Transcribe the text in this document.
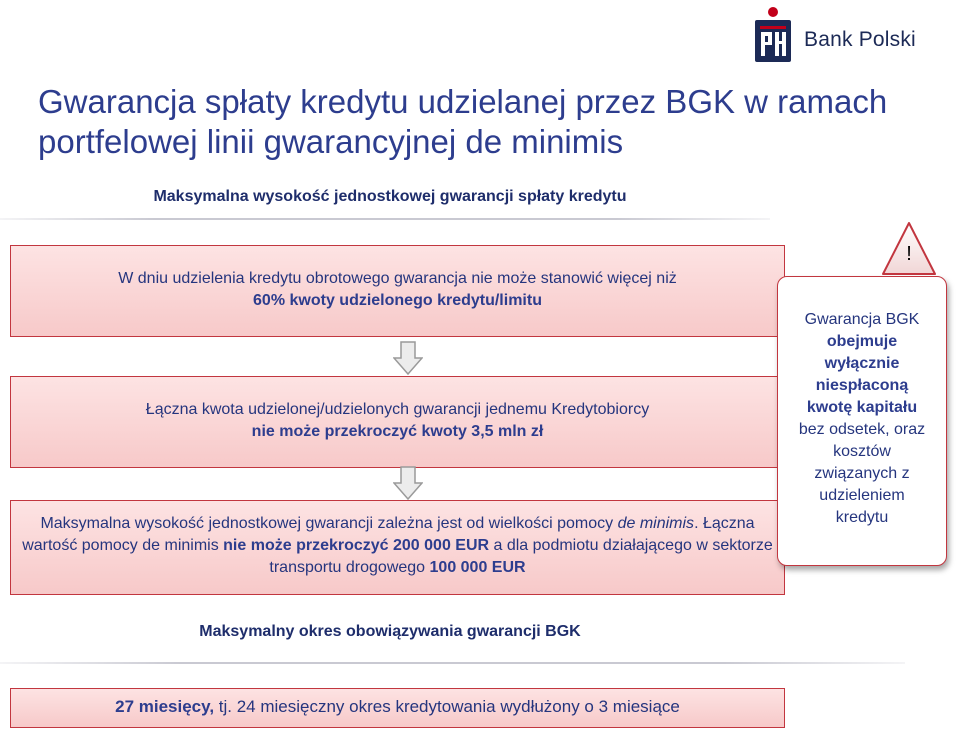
Bank Polski
Gwarancja spłaty kredytu udzielanej przez BGK w ramach portfelowej linii gwarancyjnej de minimis
Maksymalna wysokość jednostkowej gwarancji spłaty kredytu
W dniu udzielenia kredytu obrotowego gwarancja nie może stanowić więcej niż
60% kwoty udzielonego kredytu/limitu
Łączna kwota udzielonej/udzielonych gwarancji jednemu Kredytobiorcy
nie może przekroczyć kwoty 3,5 mln zł
Maksymalna wysokość jednostkowej gwarancji zależna jest od wielkości pomocy de minimis. Łączna wartość pomocy de minimis nie może przekroczyć 200 000 EUR a dla podmiotu działającego w sektorze transportu drogowego 100 000 EUR
Gwarancja BGK
obejmuje
wyłącznie
niespłaconą
kwotę kapitału
bez odsetek, oraz
kosztów
związanych z
udzieleniem
kredytu
!
Maksymalny okres obowiązywania gwarancji BGK
27 miesięcy, tj. 24 miesięczny okres kredytowania wydłużony o 3 miesiące
